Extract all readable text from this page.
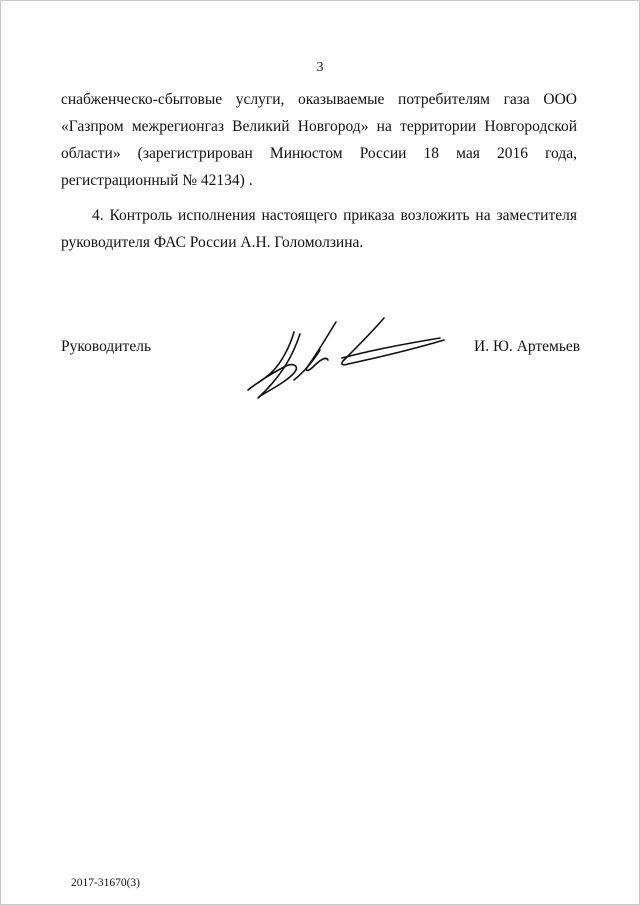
3
снабженческо-сбытовые услуги, оказываемые потребителям газа ООО
«Газпром межрегионгаз Великий Новгород» на территории Новгородской
области» (зарегистрирован Минюстом России 18 мая 2016 года,
регистрационный № 42134) .
4. Контроль исполнения настоящего приказа возложить на заместителя
руководителя ФАС России А.Н. Голомолзина.
Руководитель	И. Ю. Артемьев
2017-31670(3)
